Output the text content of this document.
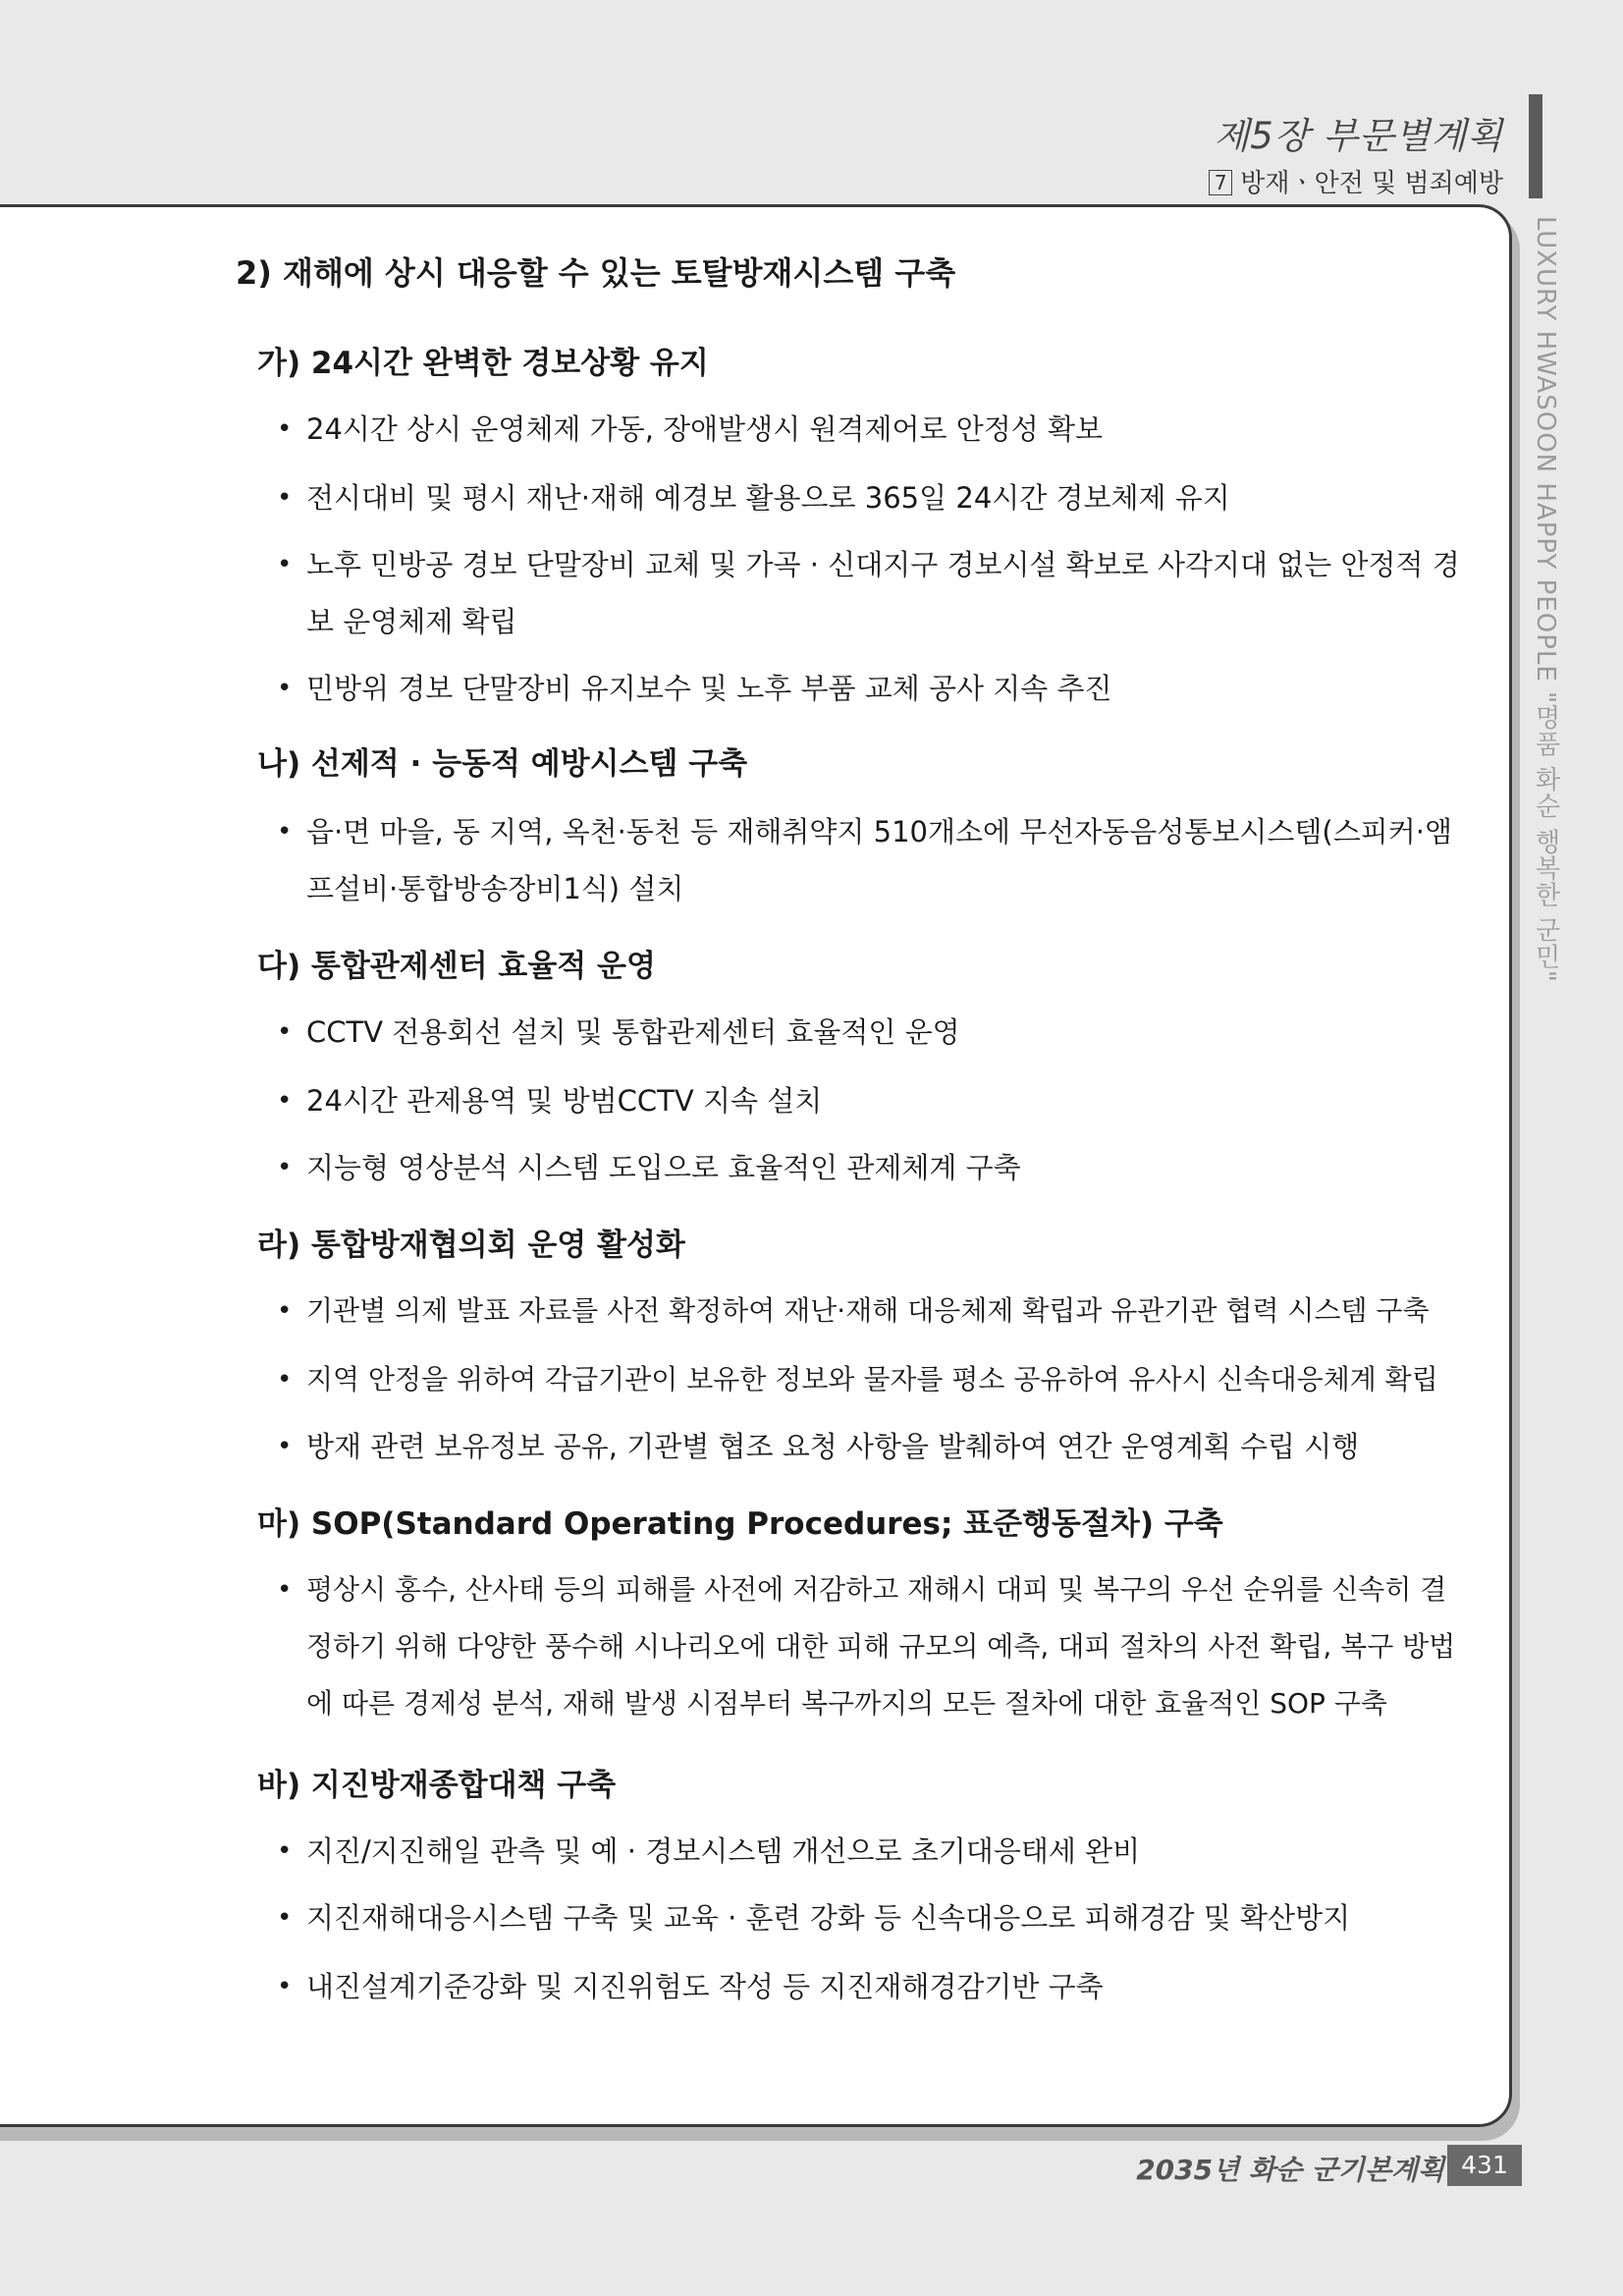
제5장 부문별계획
7 방재ㆍ안전 및 범죄예방
LUXURY HWASOON HAPPY PEOPLE "명품 화순 행복한 군민"
2) 재해에 상시 대응할 수 있는 토탈방재시스템 구축
가) 24시간 완벽한 경보상황 유지
• 24시간 상시 운영체제 가동, 장애발생시 원격제어로 안정성 확보
• 전시대비 및 평시 재난·재해 예경보 활용으로 365일 24시간 경보체제 유지
• 노후 민방공 경보 단말장비 교체 및 가곡 · 신대지구 경보시설 확보로 사각지대 없는 안정적 경보 운영체제 확립
• 민방위 경보 단말장비 유지보수 및 노후 부품 교체 공사 지속 추진
나) 선제적 · 능동적 예방시스템 구축
• 읍·면 마을, 동 지역, 옥천·동천 등 재해취약지 510개소에 무선자동음성통보시스템(스피커·앰프설비·통합방송장비1식) 설치
다) 통합관제센터 효율적 운영
• CCTV 전용회선 설치 및 통합관제센터 효율적인 운영
• 24시간 관제용역 및 방범CCTV 지속 설치
• 지능형 영상분석 시스템 도입으로 효율적인 관제체계 구축
라) 통합방재협의회 운영 활성화
• 기관별 의제 발표 자료를 사전 확정하여 재난·재해 대응체제 확립과 유관기관 협력 시스템 구축
• 지역 안정을 위하여 각급기관이 보유한 정보와 물자를 평소 공유하여 유사시 신속대응체계 확립
• 방재 관련 보유정보 공유, 기관별 협조 요청 사항을 발췌하여 연간 운영계획 수립 시행
마) SOP(Standard Operating Procedures; 표준행동절차) 구축
• 평상시 홍수, 산사태 등의 피해를 사전에 저감하고 재해시 대피 및 복구의 우선 순위를 신속히 결정하기 위해 다양한 풍수해 시나리오에 대한 피해 규모의 예측, 대피 절차의 사전 확립, 복구 방법에 따른 경제성 분석, 재해 발생 시점부터 복구까지의 모든 절차에 대한 효율적인 SOP 구축
바) 지진방재종합대책 구축
• 지진/지진해일 관측 및 예 · 경보시스템 개선으로 초기대응태세 완비
• 지진재해대응시스템 구축 및 교육 · 훈련 강화 등 신속대응으로 피해경감 및 확산방지
• 내진설계기준강화 및 지진위험도 작성 등 지진재해경감기반 구축
2035년 화순 군기본계획 431
